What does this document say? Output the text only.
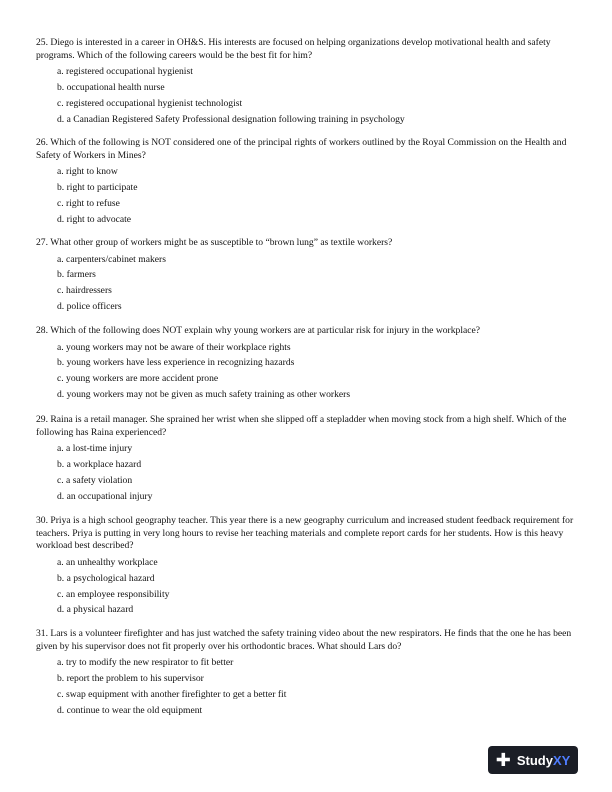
25. Diego is interested in a career in OH&S. His interests are focused on helping organizations develop motivational health and safety programs. Which of the following careers would be the best fit for him?

a. registered occupational hygienist
b. occupational health nurse
c. registered occupational hygienist technologist
d. a Canadian Registered Safety Professional designation following training in psychology

26. Which of the following is NOT considered one of the principal rights of workers outlined by the Royal Commission on the Health and Safety of Workers in Mines?

a. right to know
b. right to participate
c. right to refuse
d. right to advocate

27. What other group of workers might be as susceptible to “brown lung” as textile workers?

a. carpenters/cabinet makers
b. farmers
c. hairdressers
d. police officers

28. Which of the following does NOT explain why young workers are at particular risk for injury in the workplace?

a. young workers may not be aware of their workplace rights
b. young workers have less experience in recognizing hazards
c. young workers are more accident prone
d. young workers may not be given as much safety training as other workers

29. Raina is a retail manager. She sprained her wrist when she slipped off a stepladder when moving stock from a high shelf. Which of the following has Raina experienced?

a. a lost-time injury
b. a workplace hazard
c. a safety violation
d. an occupational injury

30. Priya is a high school geography teacher. This year there is a new geography curriculum and increased student feedback requirement for teachers. Priya is putting in very long hours to revise her teaching materials and complete report cards for her students. How is this heavy workload best described?

a. an unhealthy workplace
b. a psychological hazard
c. an employee responsibility
d. a physical hazard

31. Lars is a volunteer firefighter and has just watched the safety training video about the new respirators. He finds that the one he has been given by his supervisor does not fit properly over his orthodontic braces. What should Lars do?

a. try to modify the new respirator to fit better
b. report the problem to his supervisor
c. swap equipment with another firefighter to get a better fit
d. continue to wear the old equipment
✚ StudyXY
